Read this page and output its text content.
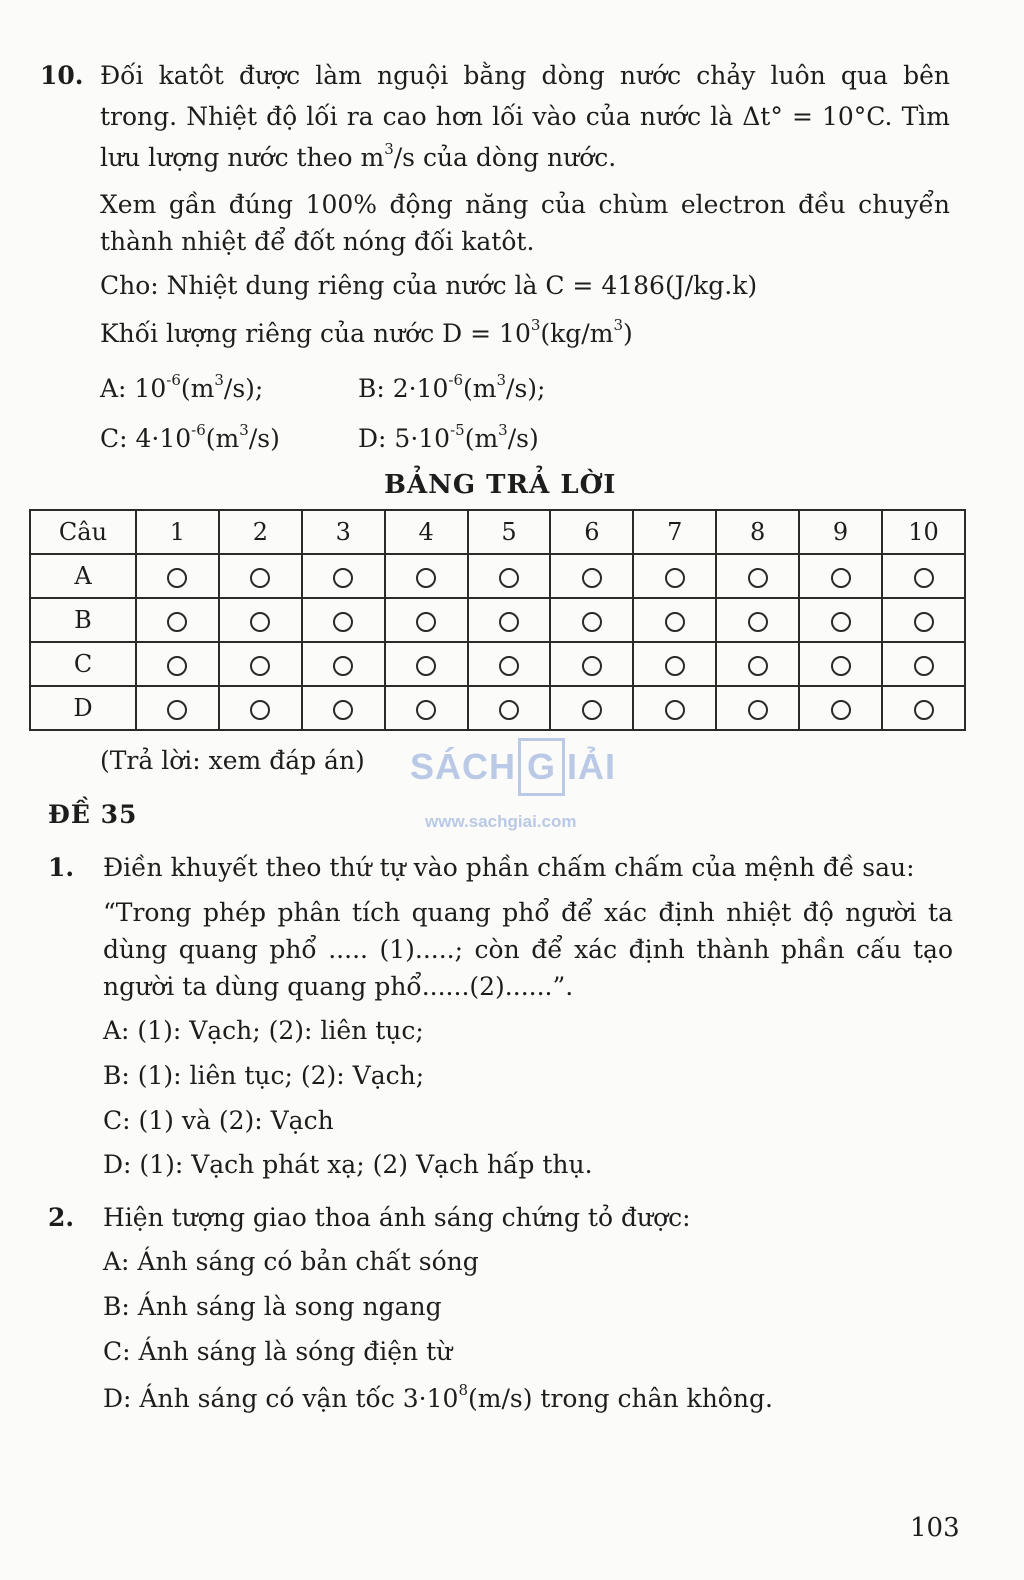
10. Đối katôt được làm nguội bằng dòng nước chảy luôn qua bên
trong. Nhiệt độ lối ra cao hơn lối vào của nước là Δt° = 10°C. Tìm
lưu lượng nước theo $m^3/s$ của dòng nước.
Xem gần đúng 100% động năng của chùm electron đều chuyển
thành nhiệt để đốt nóng đối katôt.
Cho: Nhiệt dung riêng của nước là C = 4186(J/kg.k)
Khối lượng riêng của nước $D = 10^3(kg/m^3)$
A: $10^{-6}(m^3/s)$;	B: $2\cdot 10^{-6}(m^3/s)$;
C: $4\cdot 10^{-6}(m^3/s)$	D: $5\cdot 10^{-5}(m^3/s)$
BẢNG TRẢ LỜI
Câu	1	2	3	4	5	6	7	8	9	10
A										
B										
C										
D										
(Trả lời: xem đáp án) SÁCH G IẢI
www.sachgiai.com
ĐỀ 35
1. Điền khuyết theo thứ tự vào phần chấm chấm của mệnh đề sau:
“Trong phép phân tích quang phổ để xác định nhiệt độ người ta
dùng quang phổ ..... (1).....; còn để xác định thành phần cấu tạo
người ta dùng quang phổ......(2)......”.
A: (1): Vạch; (2): liên tục;
B: (1): liên tục; (2): Vạch;
C: (1) và (2): Vạch
D: (1): Vạch phát xạ; (2) Vạch hấp thụ.
2. Hiện tượng giao thoa ánh sáng chứng tỏ được:
A: Ánh sáng có bản chất sóng
B: Ánh sáng là song ngang
C: Ánh sáng là sóng điện từ
D: Ánh sáng có vận tốc $3\cdot 10^8(m/s)$ trong chân không.
103
